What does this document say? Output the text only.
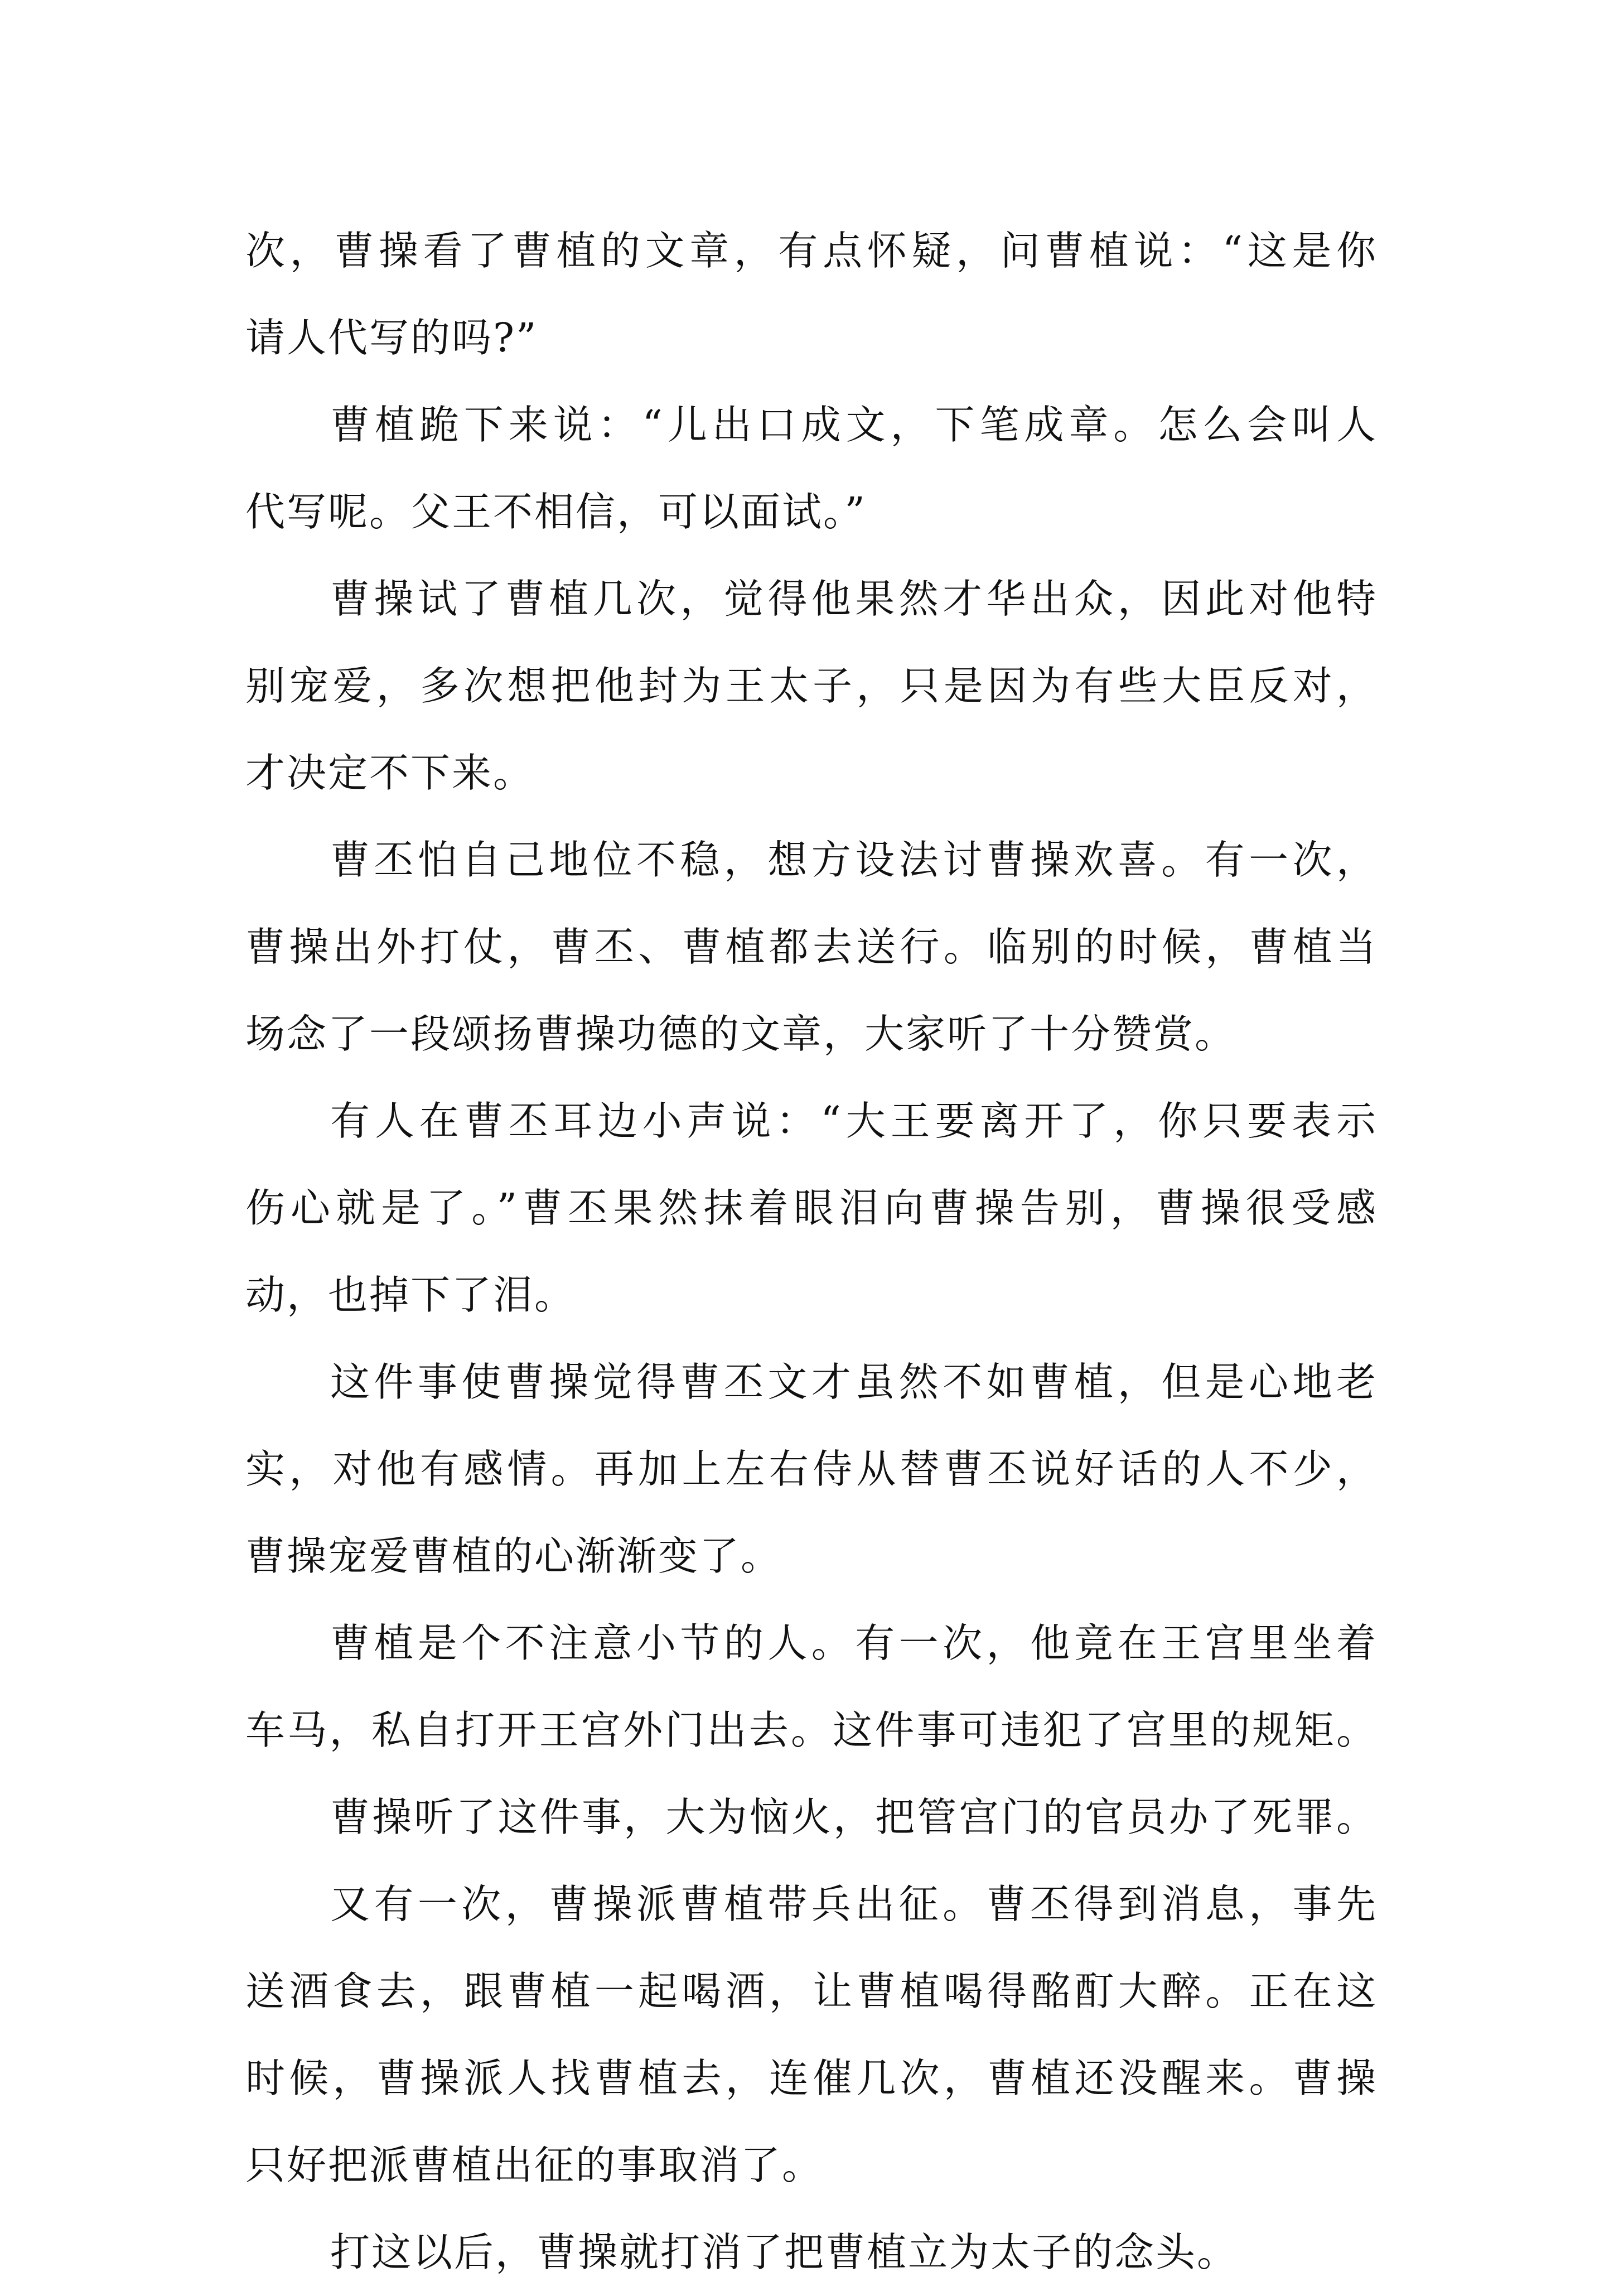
次，曹操看了曹植的文章，有点怀疑，问曹植说：“这是你
请人代写的吗?”
曹植跪下来说：“儿出口成文，下笔成章。怎么会叫人
代写呢。父王不相信，可以面试。”
曹操试了曹植几次，觉得他果然才华出众，因此对他特
别宠爱，多次想把他封为王太子，只是因为有些大臣反对，
才决定不下来。
曹丕怕自己地位不稳，想方设法讨曹操欢喜。有一次，
曹操出外打仗，曹丕、曹植都去送行。临别的时候，曹植当
场念了一段颂扬曹操功德的文章，大家听了十分赞赏。
有人在曹丕耳边小声说：“大王要离开了，你只要表示
伤心就是了。”曹丕果然抹着眼泪向曹操告别，曹操很受感
动，也掉下了泪。
这件事使曹操觉得曹丕文才虽然不如曹植，但是心地老
实，对他有感情。再加上左右侍从替曹丕说好话的人不少，
曹操宠爱曹植的心渐渐变了。
曹植是个不注意小节的人。有一次，他竟在王宫里坐着
车马，私自打开王宫外门出去。这件事可违犯了宫里的规矩。
曹操听了这件事，大为恼火，把管宫门的官员办了死罪。
又有一次，曹操派曹植带兵出征。曹丕得到消息，事先
送酒食去，跟曹植一起喝酒，让曹植喝得酩酊大醉。正在这
时候，曹操派人找曹植去，连催几次，曹植还没醒来。曹操
只好把派曹植出征的事取消了。
打这以后，曹操就打消了把曹植立为太子的念头。
